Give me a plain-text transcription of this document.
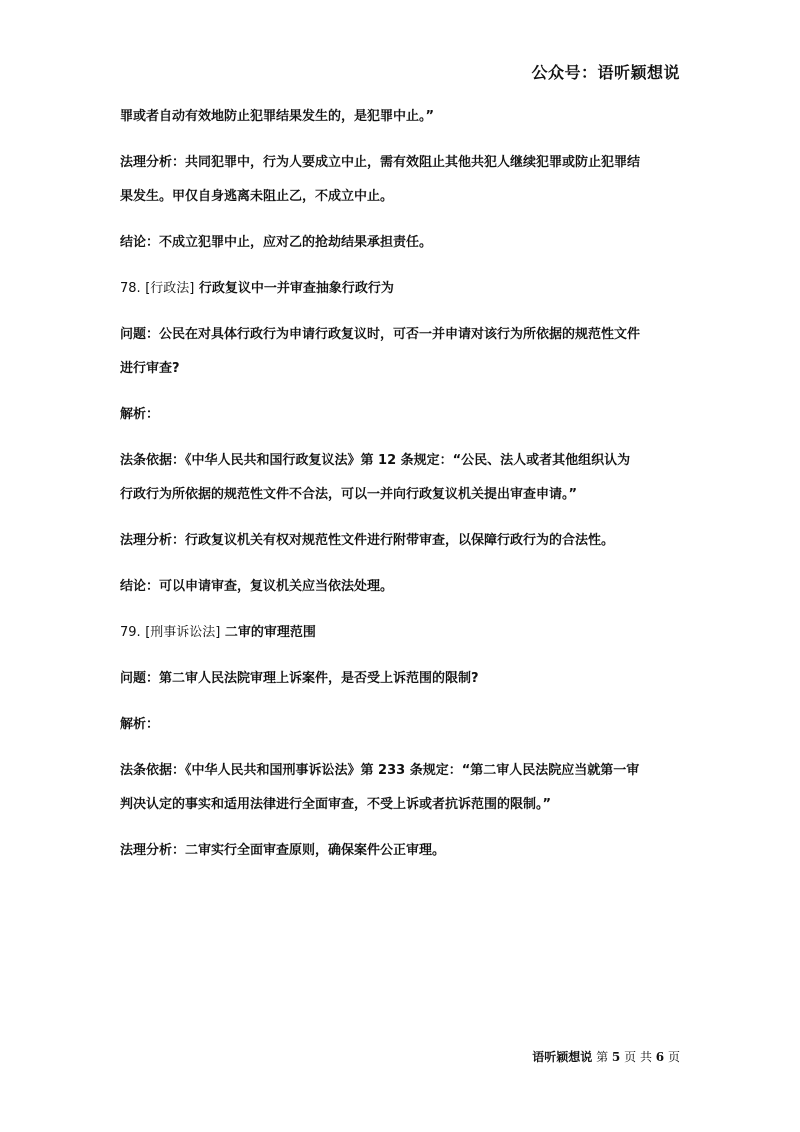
公众号：语听颖想说

罪或者自动有效地防止犯罪结果发生的，是犯罪中止。”

法理分析：共同犯罪中，行为人要成立中止，需有效阻止其他共犯人继续犯罪或防止犯罪结果发生。甲仅自身逃离未阻止乙，不成立中止。

结论：不成立犯罪中止，应对乙的抢劫结果承担责任。

78. [行政法] 行政复议中一并审查抽象行政行为

问题：公民在对具体行政行为申请行政复议时，可否一并申请对该行为所依据的规范性文件进行审查?

解析：

法条依据：《中华人民共和国行政复议法》第 12 条规定：“公民、法人或者其他组织认为行政行为所依据的规范性文件不合法，可以一并向行政复议机关提出审查申请。”

法理分析：行政复议机关有权对规范性文件进行附带审查，以保障行政行为的合法性。

结论：可以申请审查，复议机关应当依法处理。

79. [刑事诉讼法] 二审的审理范围

问题：第二审人民法院审理上诉案件，是否受上诉范围的限制?

解析：

法条依据：《中华人民共和国刑事诉讼法》第 233 条规定：“第二审人民法院应当就第一审判决认定的事实和适用法律进行全面审查，不受上诉或者抗诉范围的限制。”

法理分析：二审实行全面审查原则，确保案件公正审理。

语听颖想说 第 5 页 共 6 页
